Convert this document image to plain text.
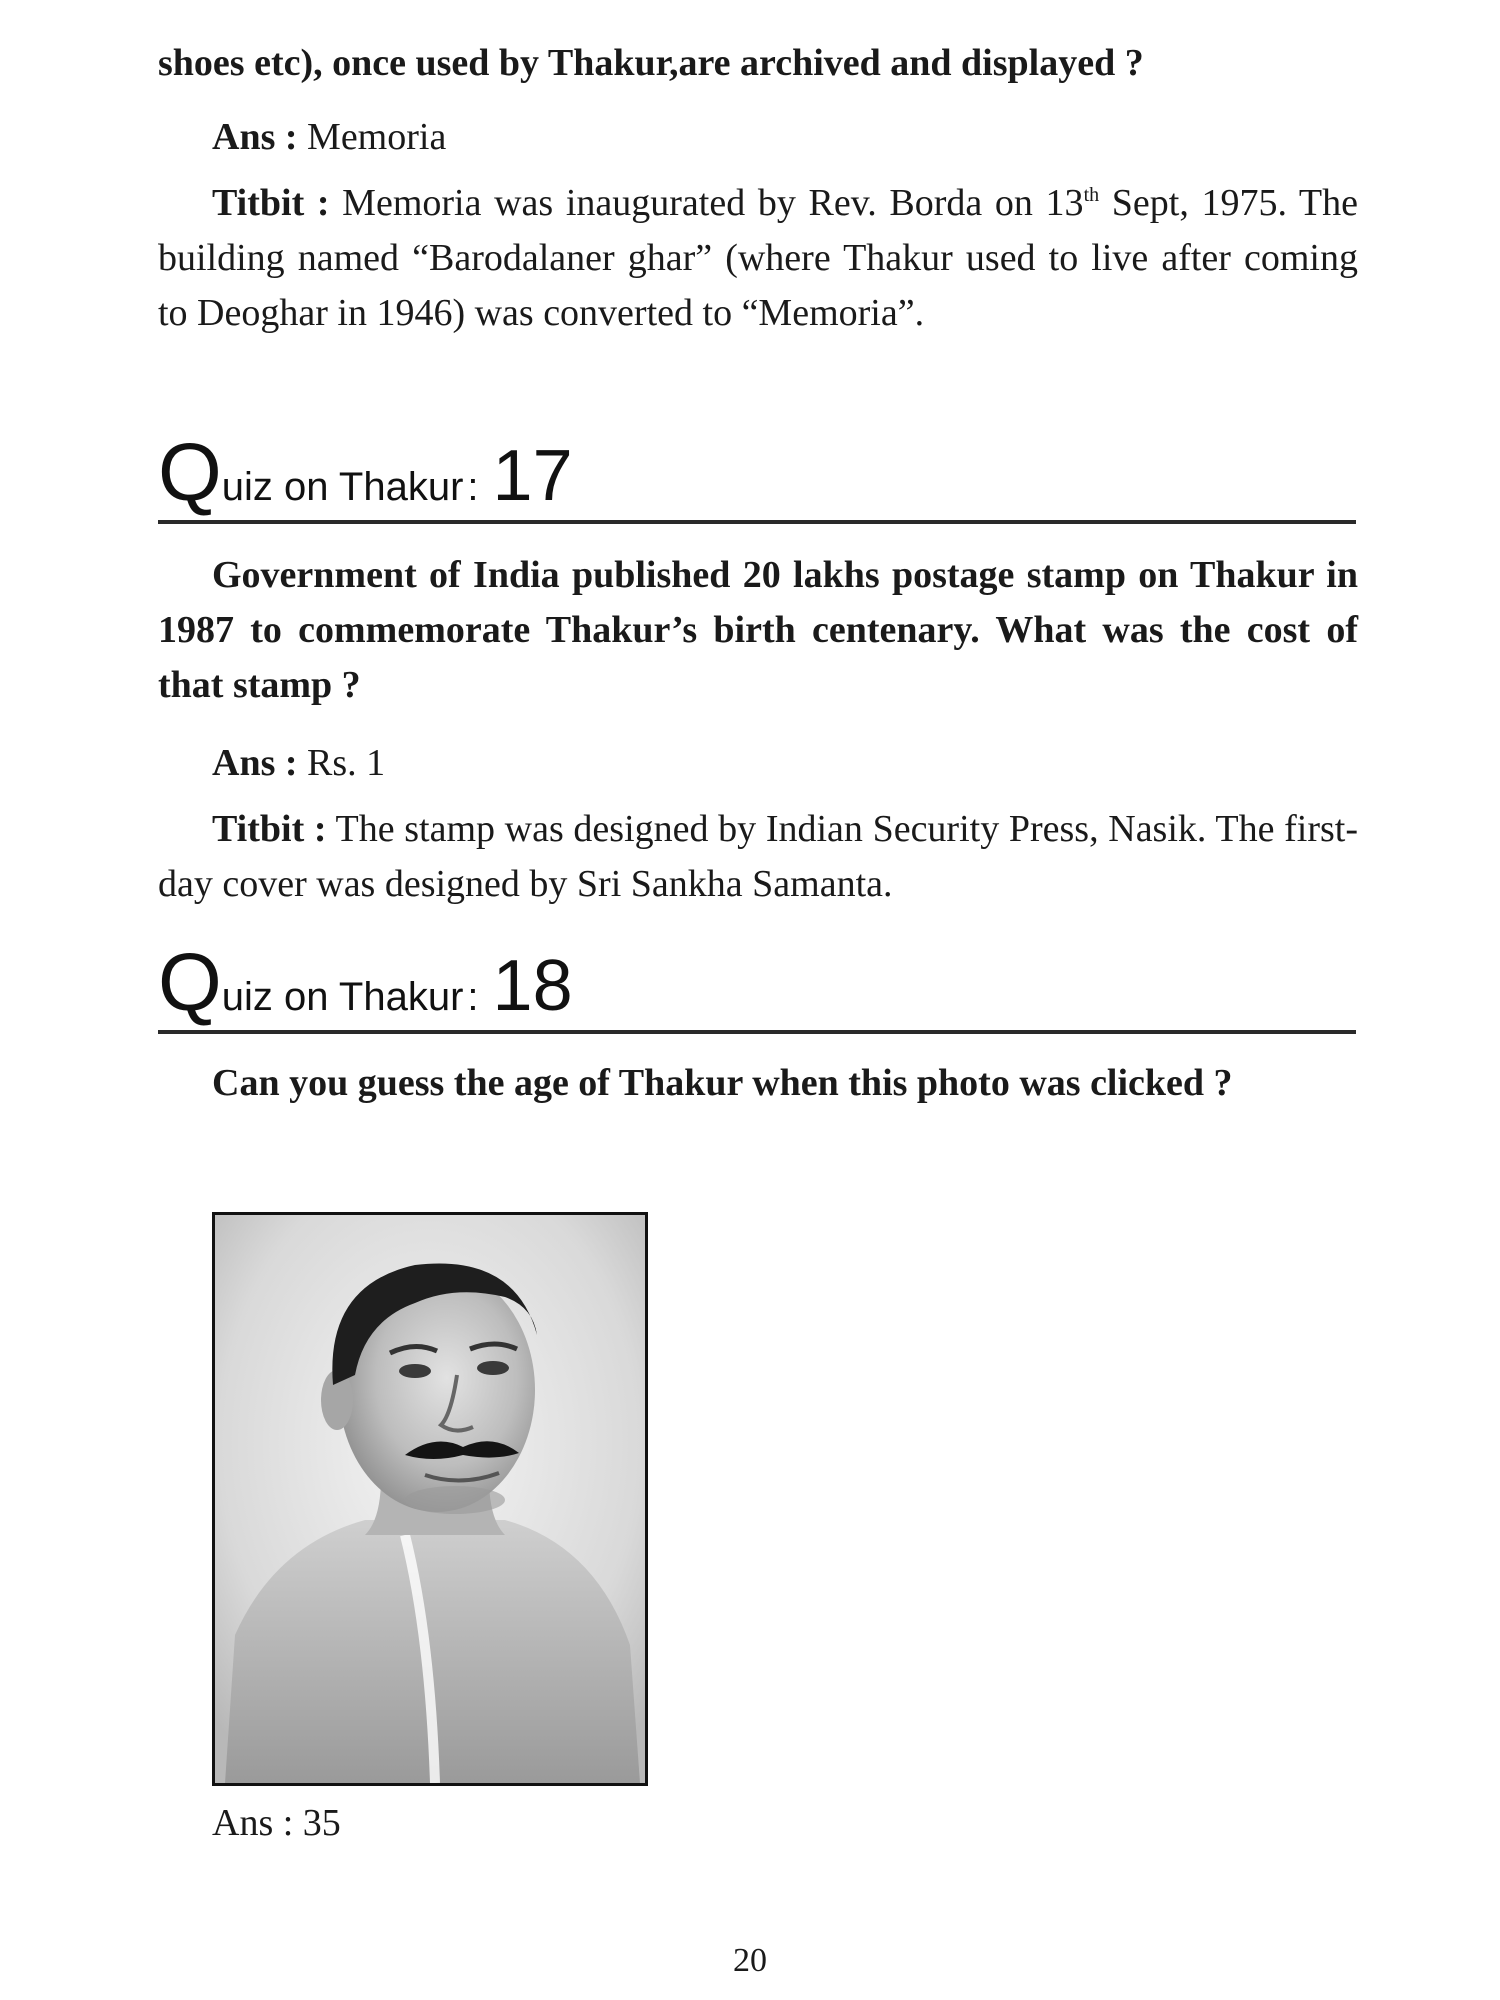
shoes etc), once used by Thakur,are archived and displayed ?
Ans : Memoria
Titbit : Memoria was inaugurated by Rev. Borda on 13th Sept, 1975. The building named “Barodalaner ghar” (where Thakur used to live after coming to Deoghar in 1946) was converted to “Memoria”.
Quiz on Thakur : 17
Government of India published 20 lakhs postage stamp on Thakur in 1987 to commemorate Thakur’s birth centenary. What was the cost of that stamp ?
Ans : Rs. 1
Titbit : The stamp was designed by Indian Security Press, Nasik. The first-day cover was designed by Sri Sankha Samanta.
Quiz on Thakur : 18
Can you guess the age of Thakur when this photo was clicked ?
Ans : 35
20
